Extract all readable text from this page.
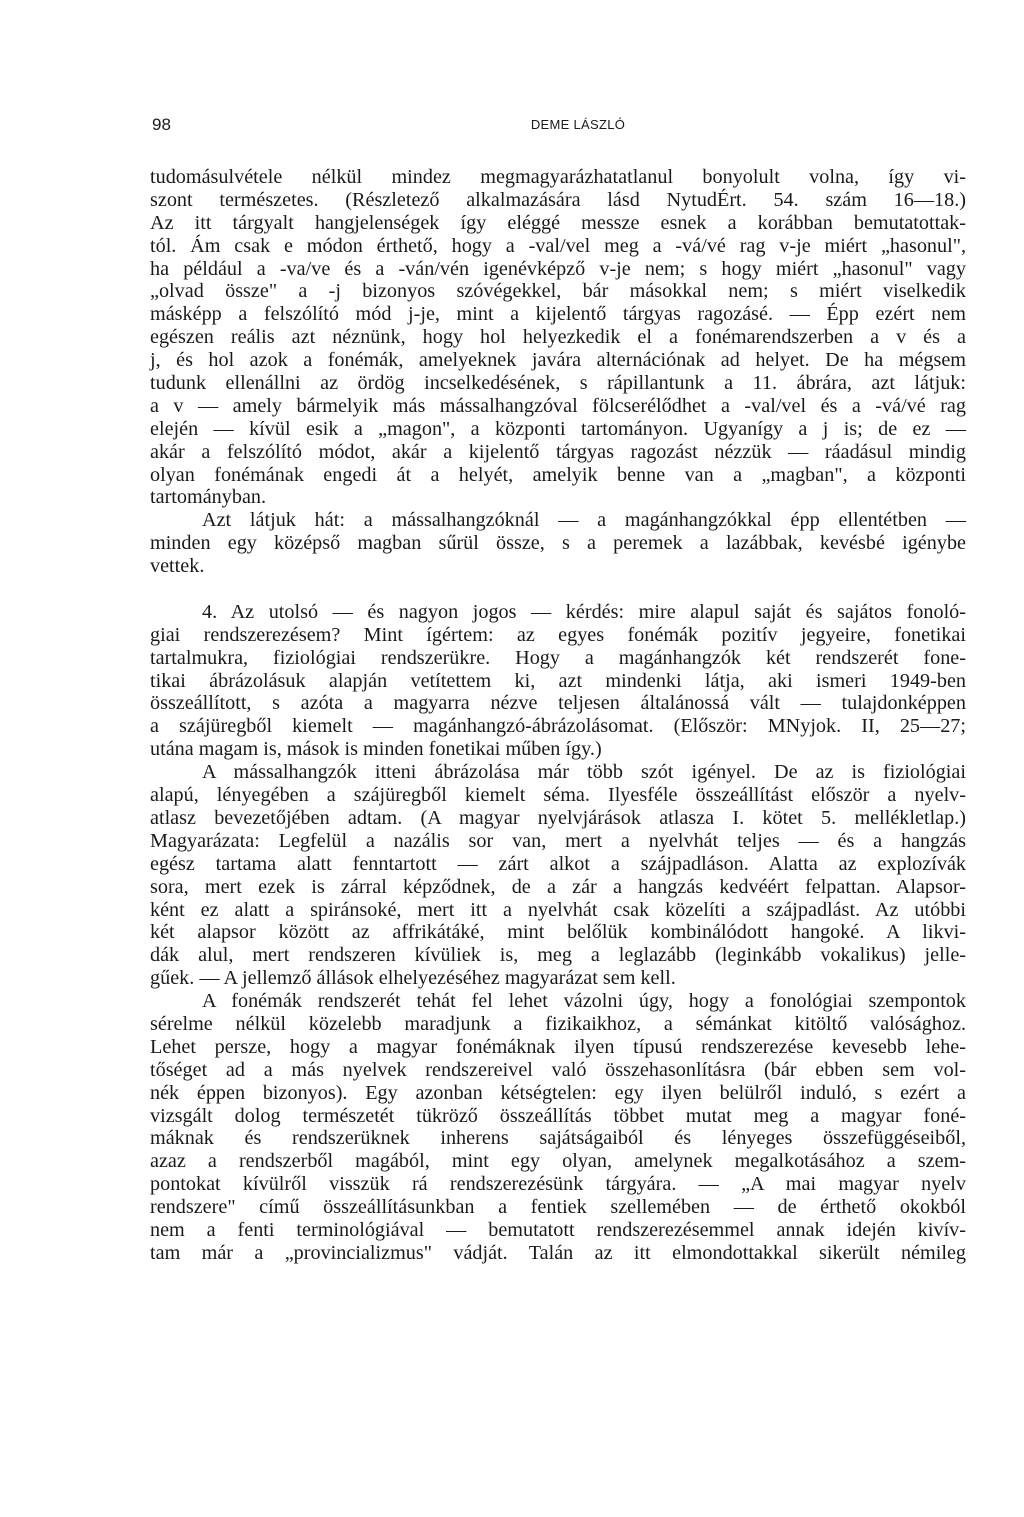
98	DEME LÁSZLÓ
tudomásulvétele nélkül mindez megmagyarázhatatlanul bonyolult volna, így vi-
szont természetes. (Részletező alkalmazására lásd NytudÉrt. 54. szám 16—18.)
Az itt tárgyalt hangjelenségek így eléggé messze esnek a korábban bemutatottak-
tól. Ám csak e módon érthető, hogy a -val/vel meg a -vá/vé rag v-je miért „hasonul",
ha például a -va/ve és a -ván/vén igenévképző v-je nem; s hogy miért „hasonul" vagy
„olvad össze" a -j bizonyos szóvégekkel, bár másokkal nem; s miért viselkedik
másképp a felszólító mód j-je, mint a kijelentő tárgyas ragozásé. — Épp ezért nem
egészen reális azt néznünk, hogy hol helyezkedik el a fonémarendszerben a v és a
j, és hol azok a fonémák, amelyeknek javára alternációnak ad helyet. De ha mégsem
tudunk ellenállni az ördög incselkedésének, s rápillantunk a 11. ábrára, azt látjuk:
a v — amely bármelyik más mássalhangzóval fölcserélődhet a -val/vel és a -vá/vé rag
elején — kívül esik a „magon", a központi tartományon. Ugyanígy a j is; de ez —
akár a felszólító módot, akár a kijelentő tárgyas ragozást nézzük — ráadásul mindig
olyan fonémának engedi át a helyét, amelyik benne van a „magban", a központi
tartományban.
Azt látjuk hát: a mássalhangzóknál — a magánhangzókkal épp ellentétben —
minden egy középső magban sűrül össze, s a peremek a lazábbak, kevésbé igénybe
vettek.
4. Az utolsó — és nagyon jogos — kérdés: mire alapul saját és sajátos fonoló-
giai rendszerezésem? Mint ígértem: az egyes fonémák pozitív jegyeire, fonetikai
tartalmukra, fiziológiai rendszerükre. Hogy a magánhangzók két rendszerét fone-
tikai ábrázolásuk alapján vetítettem ki, azt mindenki látja, aki ismeri 1949-ben
összeállított, s azóta a magyarra nézve teljesen általánossá vált — tulajdonképpen
a szájüregből kiemelt — magánhangzó-ábrázolásomat. (Először: MNyjok. II, 25—27;
utána magam is, mások is minden fonetikai műben így.)
A mássalhangzók itteni ábrázolása már több szót igényel. De az is fiziológiai
alapú, lényegében a szájüregből kiemelt séma. Ilyesféle összeállítást először a nyelv-
atlasz bevezetőjében adtam. (A magyar nyelvjárások atlasza I. kötet 5. mellékletlap.)
Magyarázata: Legfelül a nazális sor van, mert a nyelvhát teljes — és a hangzás
egész tartama alatt fenntartott — zárt alkot a szájpadláson. Alatta az explozívák
sora, mert ezek is zárral képződnek, de a zár a hangzás kedvéért felpattan. Alapsor-
ként ez alatt a spiránsoké, mert itt a nyelvhát csak közelíti a szájpadlást. Az utóbbi
két alapsor között az affrikátáké, mint belőlük kombinálódott hangoké. A likvi-
dák alul, mert rendszeren kívüliek is, meg a leglazább (leginkább vokalikus) jelle-
gűek. — A jellemző állások elhelyezéséhez magyarázat sem kell.
A fonémák rendszerét tehát fel lehet vázolni úgy, hogy a fonológiai szempontok
sérelme nélkül közelebb maradjunk a fizikaikhoz, a sémánkat kitöltő valósághoz.
Lehet persze, hogy a magyar fonémáknak ilyen típusú rendszerezése kevesebb lehe-
tőséget ad a más nyelvek rendszereivel való összehasonlításra (bár ebben sem vol-
nék éppen bizonyos). Egy azonban kétségtelen: egy ilyen belülről induló, s ezért a
vizsgált dolog természetét tükröző összeállítás többet mutat meg a magyar foné-
máknak és rendszerüknek inherens sajátságaiból és lényeges összefüggéseiből,
azaz a rendszerből magából, mint egy olyan, amelynek megalkotásához a szem-
pontokat kívülről visszük rá rendszerezésünk tárgyára. — „A mai magyar nyelv
rendszere" című összeállításunkban a fentiek szellemében — de érthető okokból
nem a fenti terminológiával — bemutatott rendszerezésemmel annak idején kivív-
tam már a „provincializmus" vádját. Talán az itt elmondottakkal sikerült némileg
